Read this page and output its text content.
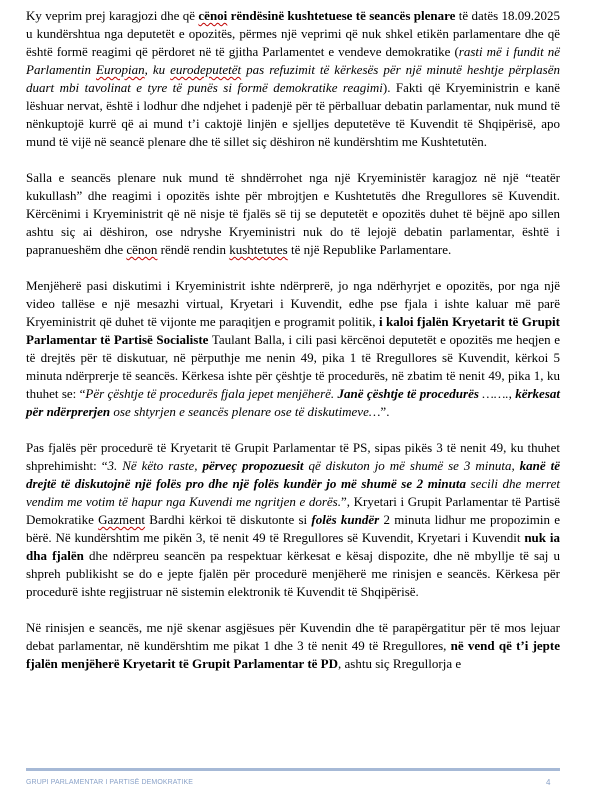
Ky veprim prej karagjozi dhe që cënoi rëndësinë kushtetuese të seancës plenare të datës 18.09.2025 u kundërshtua nga deputetët e opozitës, përmes një veprimi që nuk shkel etikën parlamentare dhe që është formë reagimi që përdoret në të gjitha Parlamentet e vendeve demokratike (rasti më i fundit në Parlamentin Europian, ku eurodeputetët pas refuzimit të kërkesës për një minutë heshtje përplasën duart mbi tavolinat e tyre të punës si formë demokratike reagimi). Fakti që Kryeministrin e kanë lëshuar nervat, është i lodhur dhe ndjehet i padenjë për të përballuar debatin parlamentar, nuk mund të nënkuptojë kurrë që ai mund t’i caktojë linjën e sjelljes deputetëve të Kuvendit të Shqipërisë, apo mund të vijë në seancë plenare dhe të sillet siç dëshiron në kundërshtim me Kushtetutën.

Salla e seancës plenare nuk mund të shndërrohet nga një Kryeministër karagjoz në një “teatër kukullash” dhe reagimi i opozitës ishte për mbrojtjen e Kushtetutës dhe Rregullores së Kuvendit. Kërcënimi i Kryeministrit që në nisje të fjalës së tij se deputetët e opozitës duhet të bëjnë apo sillen ashtu siç ai dëshiron, ose ndryshe Kryeministri nuk do të lejojë debatin parlamentar, është i papranueshëm dhe cënon rëndë rendin kushtetutes të një Republike Parlamentare.

Menjëherë pasi diskutimi i Kryeministrit ishte ndërprerë, jo nga ndërhyrjet e opozitës, por nga një video tallëse e një mesazhi virtual, Kryetari i Kuvendit, edhe pse fjala i ishte kaluar më parë Kryeministrit që duhet të vijonte me paraqitjen e programit politik, i kaloi fjalën Kryetarit të Grupit Parlamentar të Partisë Socialiste Taulant Balla, i cili pasi kërcënoi deputetët e opozitës me heqjen e të drejtës për të diskutuar, në përputhje me nenin 49, pika 1 të Rregullores së Kuvendit, kërkoi 5 minuta ndërprerje të seancës. Kërkesa ishte për çështje të procedurës, në zbatim të nenit 49, pika 1, ku thuhet se: “Për çështje të procedurës fjala jepet menjëherë. Janë çështje të procedurës ……., kërkesat për ndërprerjen ose shtyrjen e seancës plenare ose të diskutimeve…”.

Pas fjalës për procedurë të Kryetarit të Grupit Parlamentar të PS, sipas pikës 3 të nenit 49, ku thuhet shprehimisht: “3. Në këto raste, përveç propozuesit që diskuton jo më shumë se 3 minuta, kanë të drejtë të diskutojnë një folës pro dhe një folës kundër jo më shumë se 2 minuta secili dhe merret vendim me votim të hapur nga Kuvendi me ngritjen e dorës.”, Kryetari i Grupit Parlamentar të Partisë Demokratike Gazment Bardhi kërkoi të diskutonte si folës kundër 2 minuta lidhur me propozimin e bërë. Në kundërshtim me pikën 3, të nenit 49 të Rregullores së Kuvendit, Kryetari i Kuvendit nuk ia dha fjalën dhe ndërpreu seancën pa respektuar kërkesat e kësaj dispozite, dhe në mbyllje të saj u shpreh publikisht se do e jepte fjalën për procedurë menjëherë me rinisjen e seancës. Kërkesa për procedurë ishte regjistruar në sistemin elektronik të Kuvendit të Shqipërisë.

Në rinisjen e seancës, me një skenar asgjësues për Kuvendin dhe të parapërgatitur për të mos lejuar debat parlamentar, në kundërshtim me pikat 1 dhe 3 të nenit 49 të Rregullores, në vend që t’i jepte fjalën menjëherë Kryetarit të Grupit Parlamentar të PD, ashtu siç Rregullorja e

GRUPI PARLAMENTAR I PARTISË DEMOKRATIKE	4
